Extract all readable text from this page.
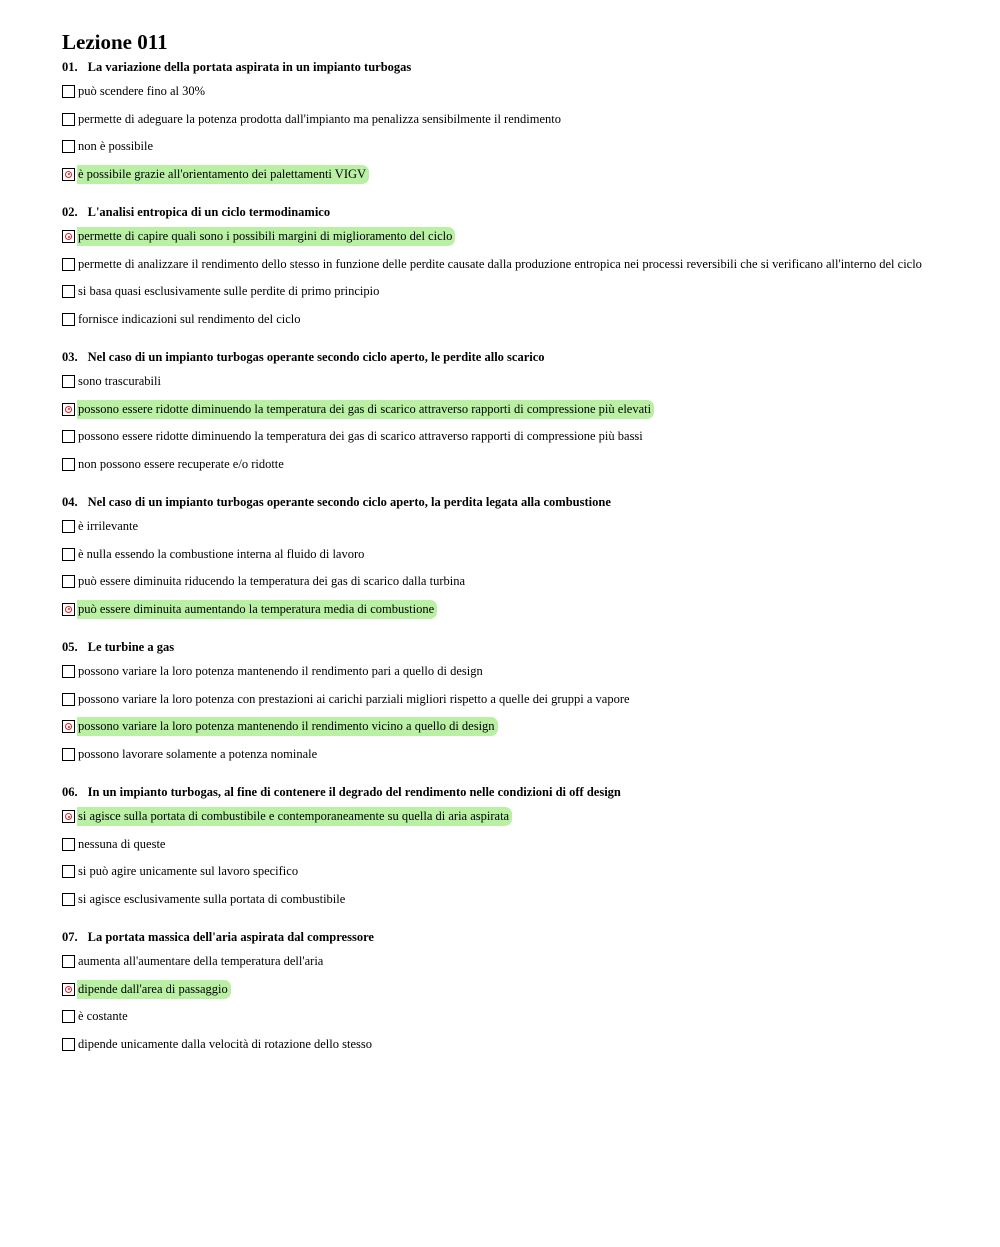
Lezione 011
01. La variazione della portata aspirata in un impianto turbogas
può scendere fino al 30%
permette di adeguare la potenza prodotta dall'impianto ma penalizza sensibilmente il rendimento
non è possibile
è possibile grazie all'orientamento dei palettamenti VIGV
02. L'analisi entropica di un ciclo termodinamico
permette di capire quali sono i possibili margini di miglioramento del ciclo
permette di analizzare il rendimento dello stesso in funzione delle perdite causate dalla produzione entropica nei processi reversibili che si verificano all'interno del ciclo
si basa quasi esclusivamente sulle perdite di primo principio
fornisce indicazioni sul rendimento del ciclo
03. Nel caso di un impianto turbogas operante secondo ciclo aperto, le perdite allo scarico
sono trascurabili
possono essere ridotte diminuendo la temperatura dei gas di scarico attraverso rapporti di compressione più elevati
possono essere ridotte diminuendo la temperatura dei gas di scarico attraverso rapporti di compressione più bassi
non possono essere recuperate e/o ridotte
04. Nel caso di un impianto turbogas operante secondo ciclo aperto, la perdita legata alla combustione
è irrilevante
è nulla essendo la combustione interna al fluido di lavoro
può essere diminuita riducendo la temperatura dei gas di scarico dalla turbina
può essere diminuita aumentando la temperatura media di combustione
05. Le turbine a gas
possono variare la loro potenza mantenendo il rendimento pari a quello di design
possono variare la loro potenza con prestazioni ai carichi parziali migliori rispetto a quelle dei gruppi a vapore
possono variare la loro potenza mantenendo il rendimento vicino a quello di design
possono lavorare solamente a potenza nominale
06. In un impianto turbogas, al fine di contenere il degrado del rendimento nelle condizioni di off design
si agisce sulla portata di combustibile e contemporaneamente su quella di aria aspirata
nessuna di queste
si può agire unicamente sul lavoro specifico
si agisce esclusivamente sulla portata di combustibile
07. La portata massica dell'aria aspirata dal compressore
aumenta all'aumentare della temperatura dell'aria
dipende dall'area di passaggio
è costante
dipende unicamente dalla velocità di rotazione dello stesso
